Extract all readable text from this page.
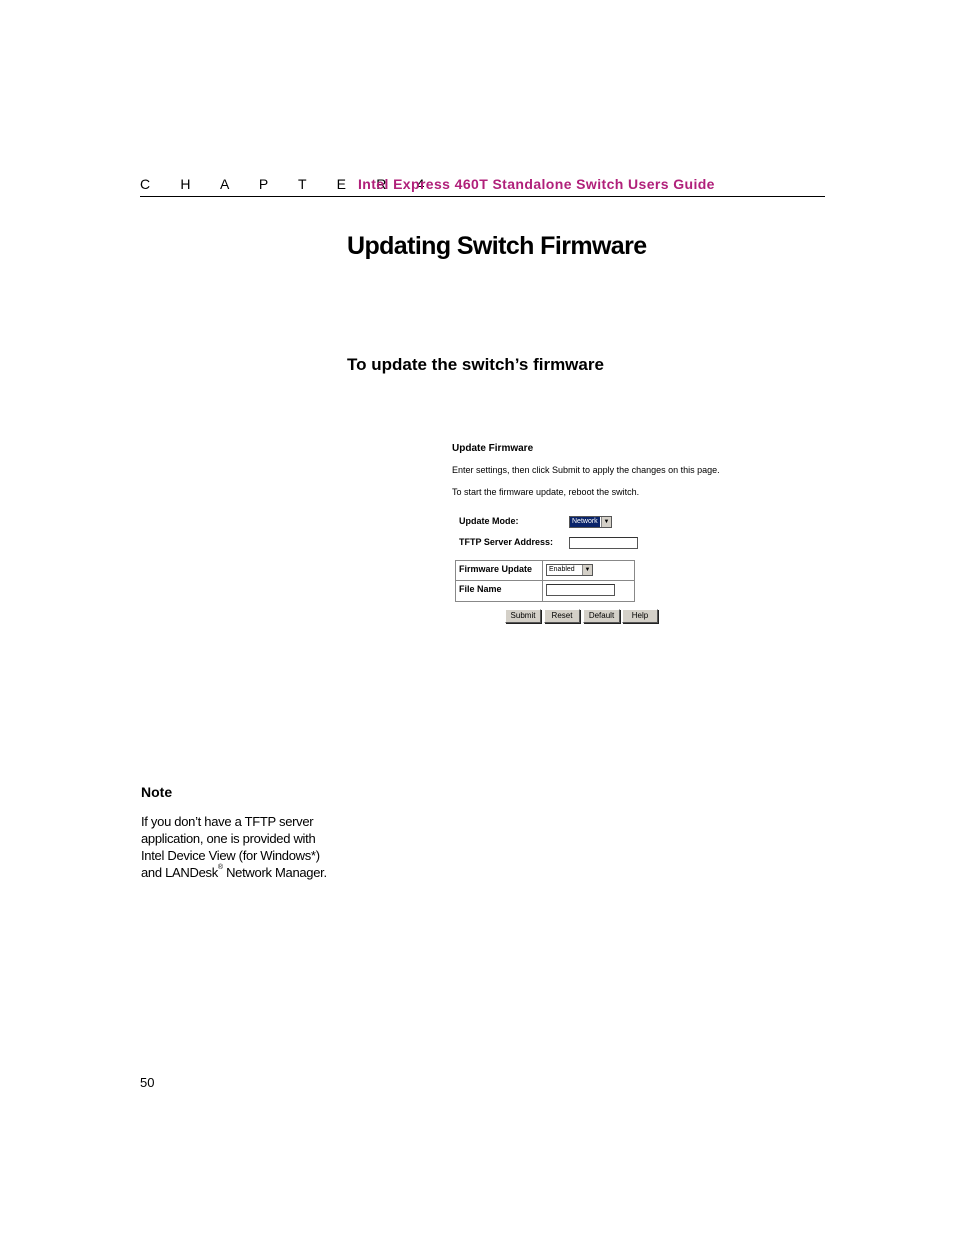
C H A P T E R 4
Intel Express 460T Standalone Switch Users Guide
Updating Switch Firmware
To update the switch’s firmware
Update Firmware
Enter settings, then click Submit to apply the changes on this page.
To start the firmware update, reboot the switch.
Update Mode:	Network ▼
TFTP Server Address:
Firmware Update	Enabled	▼
File Name
Submit	Reset	Default	Help
Note
If you don’t have a TFTP server
application, one is provided with
Intel Device View (for Windows*)
and LANDesk® Network Manager.
50
